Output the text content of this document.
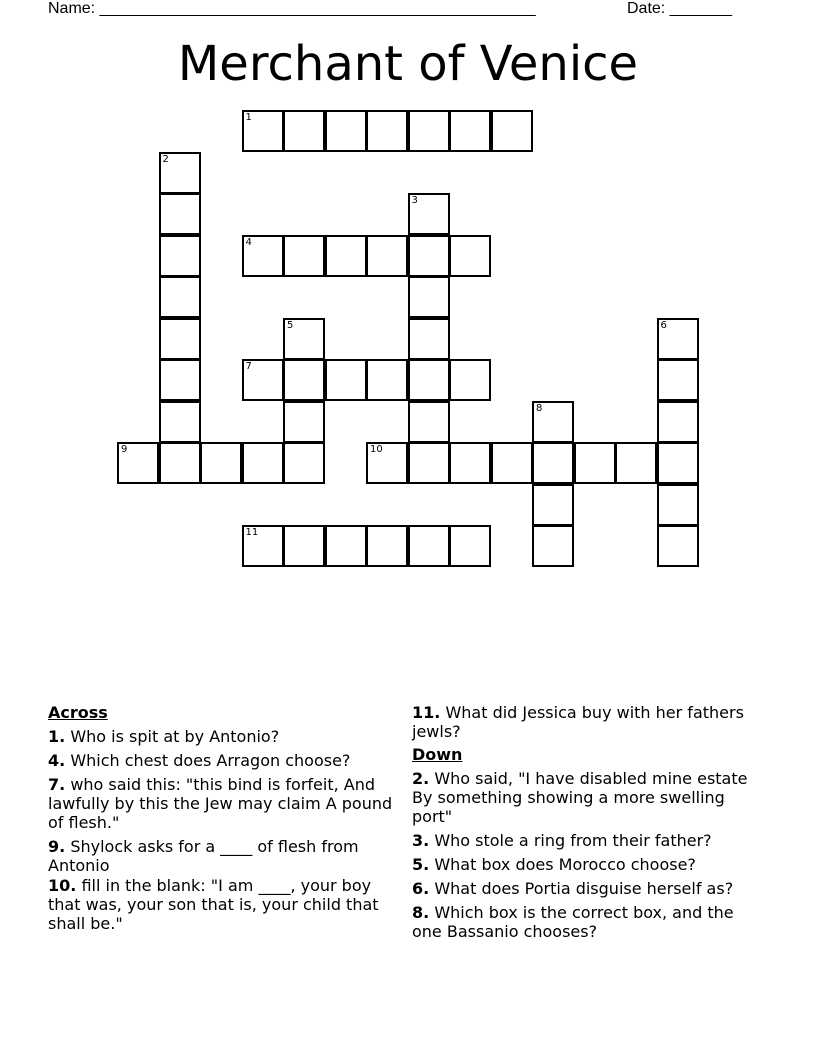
Name: _________________________________________________	Date: _______
Merchant of Venice
1
2
3
4
5	6
7
8
9	10
11
Across
1. Who is spit at by Antonio?
4. Which chest does Arragon choose?
7. who said this: "this bind is forfeit, And lawfully by this the Jew may claim A pound of flesh."
9. Shylock asks for a ____ of flesh from Antonio
10. fill in the blank: "I am ____, your boy that was, your son that is, your child that shall be."
11. What did Jessica buy with her fathers jewls?
Down
2. Who said, "I have disabled mine estate By something showing a more swelling port"
3. Who stole a ring from their father?
5. What box does Morocco choose?
6. What does Portia disguise herself as?
8. Which box is the correct box, and the one Bassanio chooses?
